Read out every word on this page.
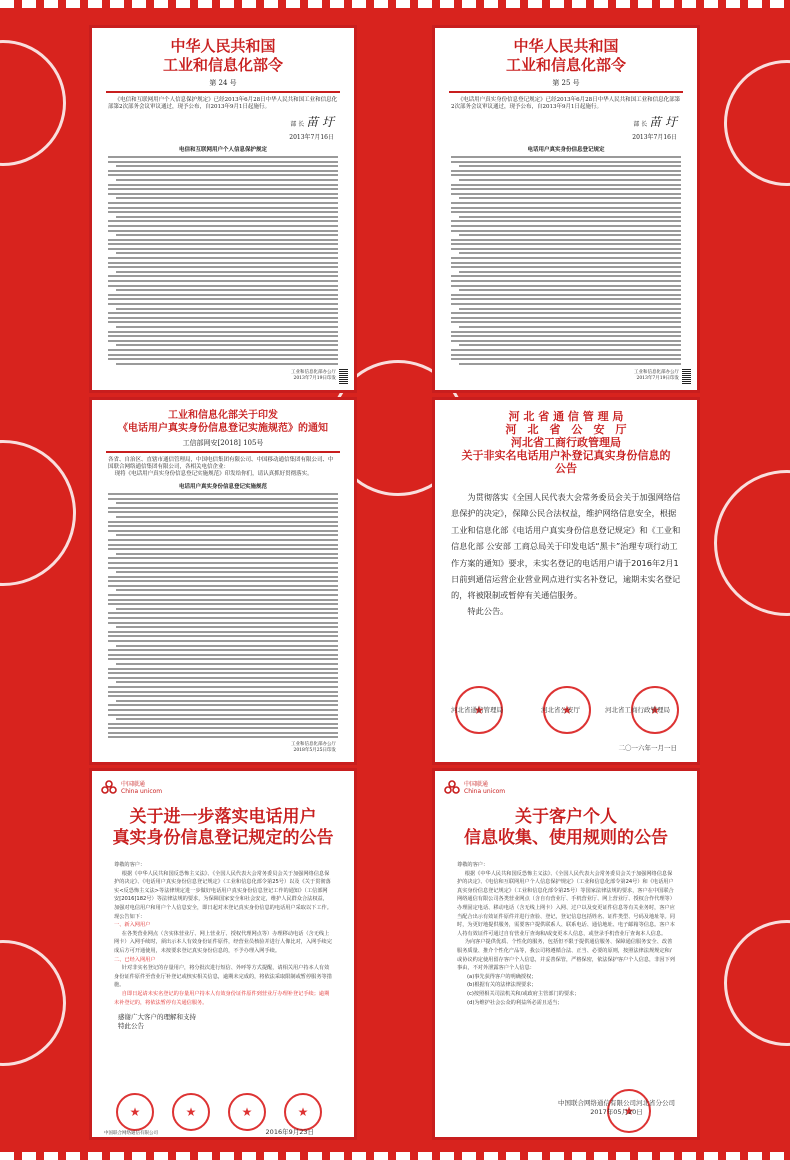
中华人民共和国
工业和信息化部令
第 24 号
《电信和互联网用户个人信息保护规定》已经2013年6月28日中华人民共和国工业和信息化部第2次部务会议审议通过，现予公布，自2013年9月1日起施行。
部 长 苗 圩
2013年7月16日
电信和互联网用户个人信息保护规定
工业和信息化部办公厅
2013年7月19日印发
中华人民共和国
工业和信息化部令
第 25 号
《电话用户真实身份信息登记规定》已经2013年6月28日中华人民共和国工业和信息化部第2次部务会议审议通过，现予公布，自2013年9月1日起施行。
部 长 苗 圩
2013年7月16日
电话用户真实身份信息登记规定
工业和信息化部办公厅
2013年7月19日印发
工业和信息化部关于印发
《电话用户真实身份信息登记实施规范》的通知
工信部网安[2018] 105号
各省、自治区、直辖市通信管理局，中国电信集团有限公司、中国移动通信集团有限公司、中国联合网络通信集团有限公司，各相关电信企业：
现将《电话用户真实身份信息登记实施规范》印发给你们，请认真抓好贯彻落实。
电话用户真实身份信息登记实施规范
工业和信息化部办公厅
2018年5月25日印发
河 北 省 通 信 管 理 局
河　北　省　公　安　厅
河北省工商行政管理局
关于非实名电话用户补登记真实身份信息的
公告
为贯彻落实《全国人民代表大会常务委员会关于加强网络信息保护的决定》，保障公民合法权益，维护网络信息安全，根据工业和信息化部《电话用户真实身份信息登记规定》和《工业和信息化部 公安部 工商总局关于印发电话“黑卡”治理专项行动工作方案的通知》要求，未实名登记的电话用户请于2016年2月1日前到通信运营企业营业网点进行实名补登记，逾期未实名登记的，将被限制或暂停有关通信服务。
特此公告。
★
★
★
河北省通信管理局	河北省公安厅	河北省工商行政管理局
二〇一六年一月一日
中国联通
China unicom
关于进一步落实电话用户
真实身份信息登记规定的公告
尊敬的客户：
根据《中华人民共和国反恐怖主义法》、《全国人民代表大会常务委员会关于加强网络信息保护的决定》、《电话用户真实身份信息登记规定》（工业和信息化部令第25号）以及《关于贯彻落实<反恐怖主义法>等法律规定进一步做好电话用户真实身份信息登记工作的通知》（工信部网安[2016]182号）等法律法规的要求，为保障国家安全和社会安定，维护人民群众合法权益，加强对电信用户和用户个人信息安全，即日起对未登记真实身份信息的电话用户采取以下工作。现公告如下：
一、新入网用户
在各类营业网点（含实体营业厅、网上营业厅、授权代理网点等）办理移动电话（含无线上网卡）入网手续时，须出示本人有效身份证件原件，经营业员核验并进行人像比对，入网手续完成后方可开通使用，未按要求登记真实身份信息的，不予办理入网手续。
二、已经入网用户
针对非实名登记的存量用户，将分批次进行短信、外呼等方式提醒，请相关用户持本人有效身份证件原件至营业厅补登记或核实相关信息，逾期未完成的，将依法采取限制或暂停服务等措施。
自即日起请未实名登记的存量用户持本人有效身份证件原件到营业厅办理补登记手续；逾期未补登记的，将依法暂停有关通信服务。
感谢广大客户的理解和支持
特此公告
★
★
★
★
中国联合网络通信有限公司	2016年9月23日
中国联通
China unicom
关于客户个人
信息收集、使用规则的公告
尊敬的客户：
根据《中华人民共和国反恐怖主义法》、《全国人民代表大会常务委员会关于加强网络信息保护的决定》、《电信和互联网用户个人信息保护规定》（工业和信息化部令第24号）和《电话用户真实身份信息登记规定》（工业和信息化部令第25号）等国家法律法规的要求，客户在中国联合网络通信有限公司各类营业网点（含自有营业厅、手机营业厅、网上营业厅、授权合作代理等）办理固定电话、移动电话（含无线上网卡）入网、过户以及变更证件信息等有关业务时，客户应当配合出示有效证件原件并进行查验、登记，登记信息包括姓名、证件类型、号码及地址等。同时，为更好地提供服务，需要客户提供联系人、联系电话、通信地址、电子邮箱等信息。客户本人持有效证件可通过自有营业厅查询和/或变更本人信息，或登录手机营业厅查询本人信息。
为向客户提供优质、个性化的服务，包括但不限于提供通信服务、保障通信服务安全、改善服务质量、推介个性化产品等，我公司将遵循合法、正当、必要的原则，按照法律法规规定和/或协议约定使用留存客户个人信息，并妥善保管，严格保密，依法保护客户个人信息，非因下列事由，不对外泄露客户个人信息：
(a)事先获得客户的明确授权；
(b)根据有关的法律法规要求；
(c)按照相关司法机关和/或政府主管部门的要求；
(d)为维护社会公众的利益所必需且适当；
★
中国联合网络通信有限公司河北省分公司
2017年05月20日
